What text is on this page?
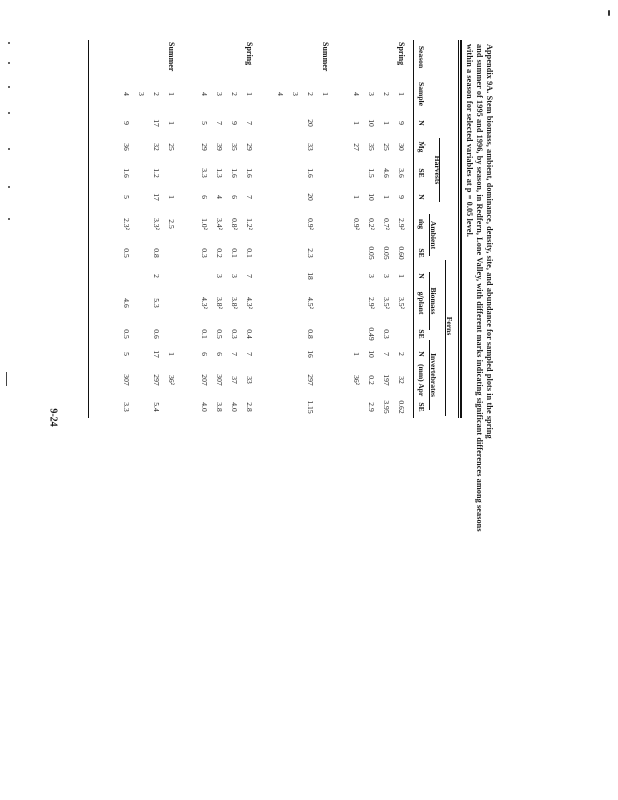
9-24	Appendix 9A. Stem biomass, ambient, dominance, density, site, and abundance for sampled plots in the spring
and summer of 1995 and 1996, by season, in Redfern, Lone Valley, with different marks indicating significant differences among seasons
within a season for selected variables at p = 0.05 level.
Harvests
Ferns
Ambient
Biomass
Invertebrates
Season
Sample
N
Ṁg
SE
N
ṁg
SE
N
g/plant
SE
N
(mm) Apr
SE
Spring
1
9
30
3.6
9
2.9²
0.60
1
3.5²
2
32
0.62
2
1
25
4.6
1
0.7²
0.05
3
3.5²
0.3
7
197
3.95
3
10
35
1.5
10
0.2²
0.05
3
2.9²
0.49
10
0.2
2.9
4
1
27
1
0.9²
1
36²
Summer
1
2
20
33
1.6
20
0.9²
2.3
18
4.5²
0.8
16
297
1.15
3
4
Spring
1
7
29
1.6
7
1.2²
0.1
7
4.3²
0.4
7
33
2.8
2
9
35
1.6
6
0.8²
0.1
3
3.8²
0.3
7
37
4.0
3
7
39
1.3
4
3.4²
0.2
3
3.8²
0.5
6
307
3.8
4
5
29
3.3
6
1.0²
0.3
4.3²
0.1
6
207
4.0
Summer
1
1
25
1
2.5
1
36²
2
17
32
1.2
17
3.3²
0.8
2
5.3
0.6
17
297
5.4
3
4
9
36
1.6
5
2.3²
0.5
4.6
0.5
5
307
3.3
